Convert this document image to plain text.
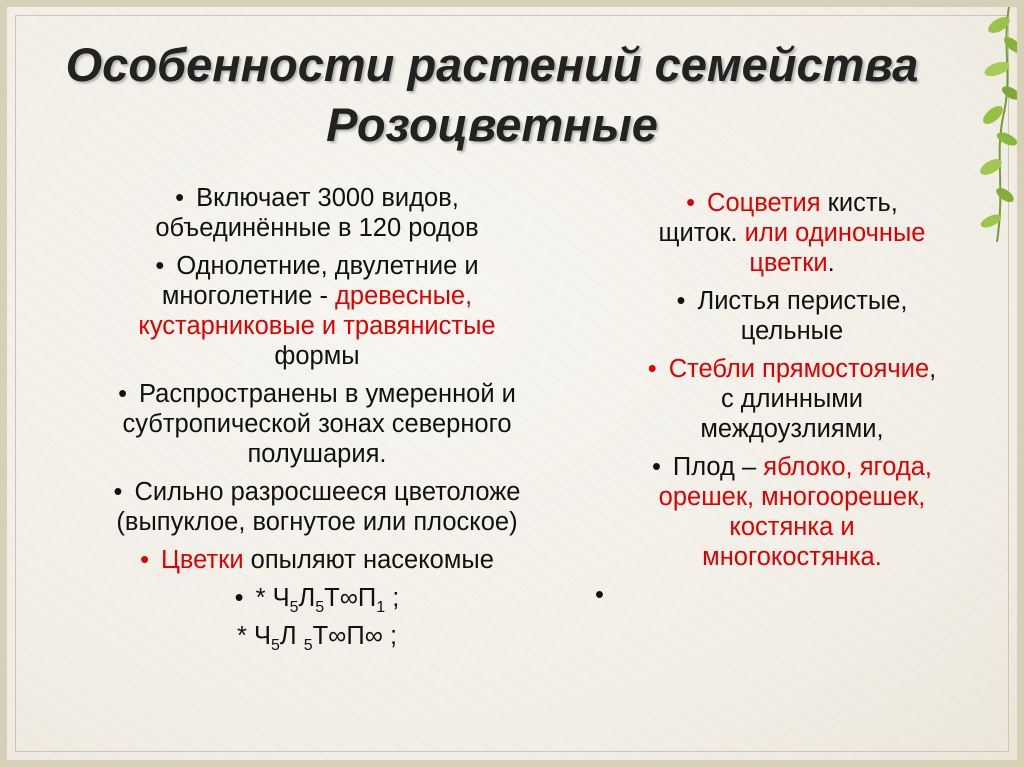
Особенности растений семейства
Розоцветные
• Включает 3000 видов,
объединённые в 120 родов
• Однолетние, двулетние и
многолетние - древесные,
кустарниковые и травянистые
формы
• Распространены в умеренной и
субтропической зонах северного
полушария.
• Сильно разросшееся цветоложе
(выпуклое, вогнутое или плоское)
• Цветки опыляют насекомые
• * $Ч_5Л_5Т\infty П_1$ ;
* $Ч_5Л$ $_5$Т∞П∞ ;
• Соцветия кисть,
щиток. или одиночные
цветки.
• Листья перистые,
цельные
• Стебли прямостоячие,
с длинными
междоузлиями,
• Плод – яблоко, ягода,
орешек, многоорешек,
костянка и
многокостянка.
•
